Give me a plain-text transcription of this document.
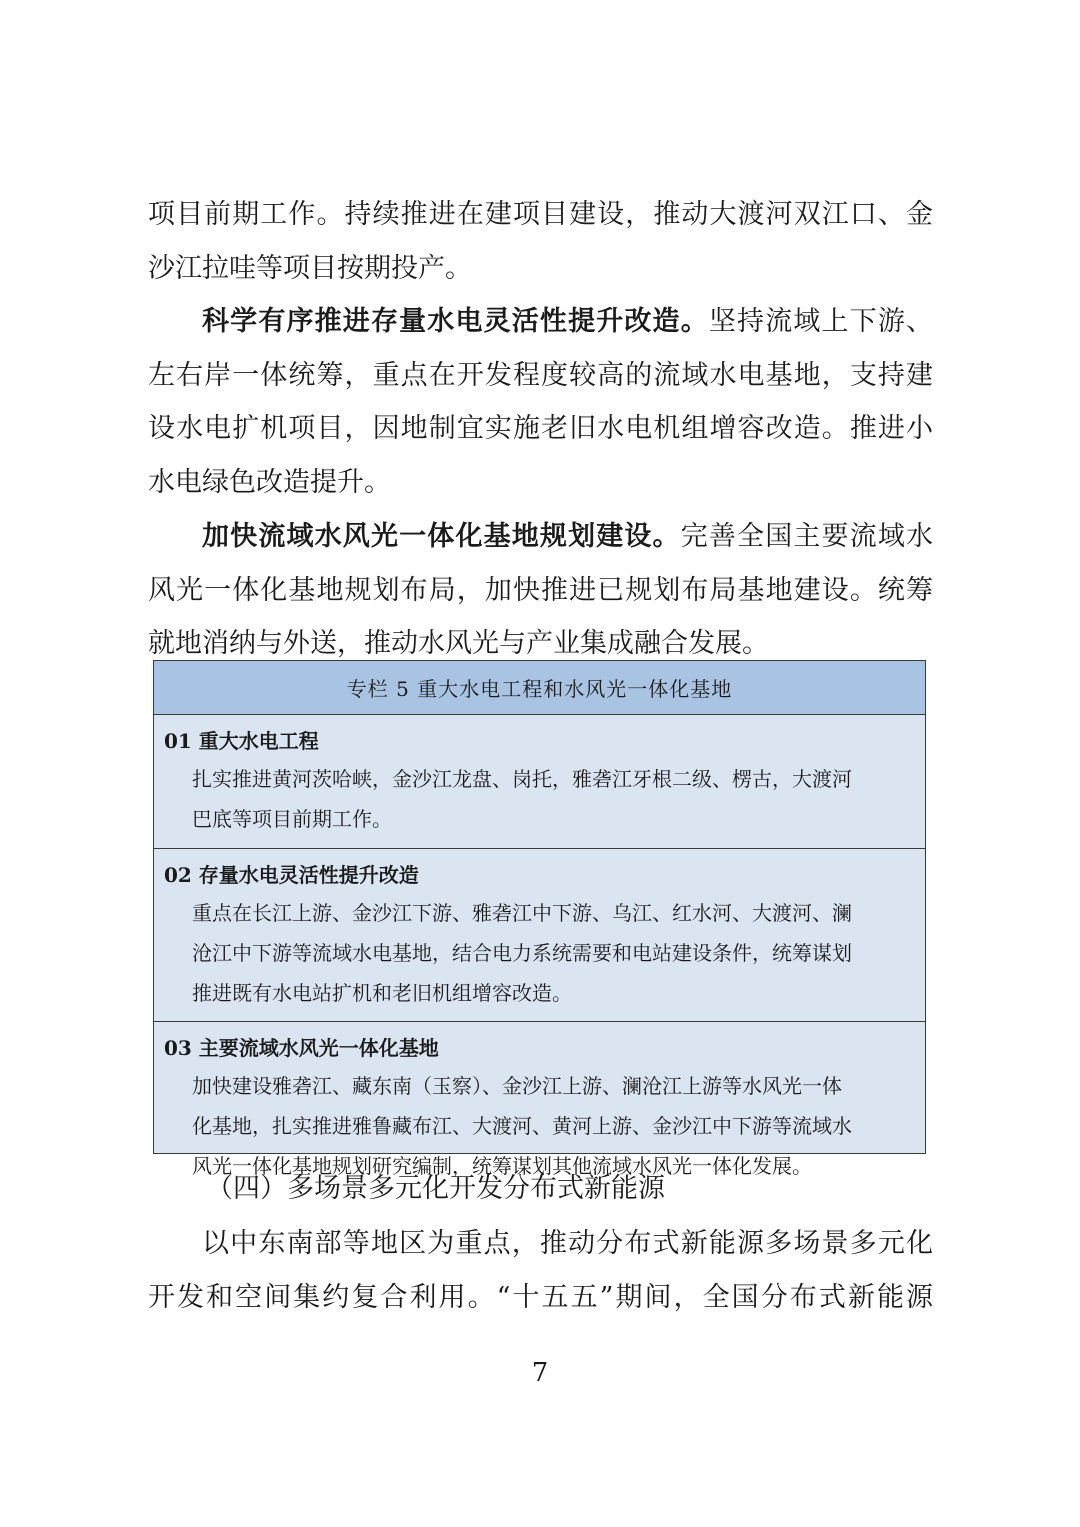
项目前期工作。持续推进在建项目建设，推动大渡河双江口、金
沙江拉哇等项目按期投产。
科学有序推进存量水电灵活性提升改造。坚持流域上下游、
左右岸一体统筹，重点在开发程度较高的流域水电基地，支持建
设水电扩机项目，因地制宜实施老旧水电机组增容改造。推进小
水电绿色改造提升。
加快流域水风光一体化基地规划建设。完善全国主要流域水
风光一体化基地规划布局，加快推进已规划布局基地建设。统筹
就地消纳与外送，推动水风光与产业集成融合发展。
专栏 5 重大水电工程和水风光一体化基地
01 重大水电工程
扎实推进黄河茨哈峡，金沙江龙盘、岗托，雅砻江牙根二级、楞古，大渡河
巴底等项目前期工作。
02 存量水电灵活性提升改造
重点在长江上游、金沙江下游、雅砻江中下游、乌江、红水河、大渡河、澜
沧江中下游等流域水电基地，结合电力系统需要和电站建设条件，统筹谋划
推进既有水电站扩机和老旧机组增容改造。
03 主要流域水风光一体化基地
加快建设雅砻江、藏东南（玉察）、金沙江上游、澜沧江上游等水风光一体
化基地，扎实推进雅鲁藏布江、大渡河、黄河上游、金沙江中下游等流域水
风光一体化基地规划研究编制，统筹谋划其他流域水风光一体化发展。
（四）多场景多元化开发分布式新能源
以中东南部等地区为重点，推动分布式新能源多场景多元化
开发和空间集约复合利用。“十五五”期间，全国分布式新能源
7
